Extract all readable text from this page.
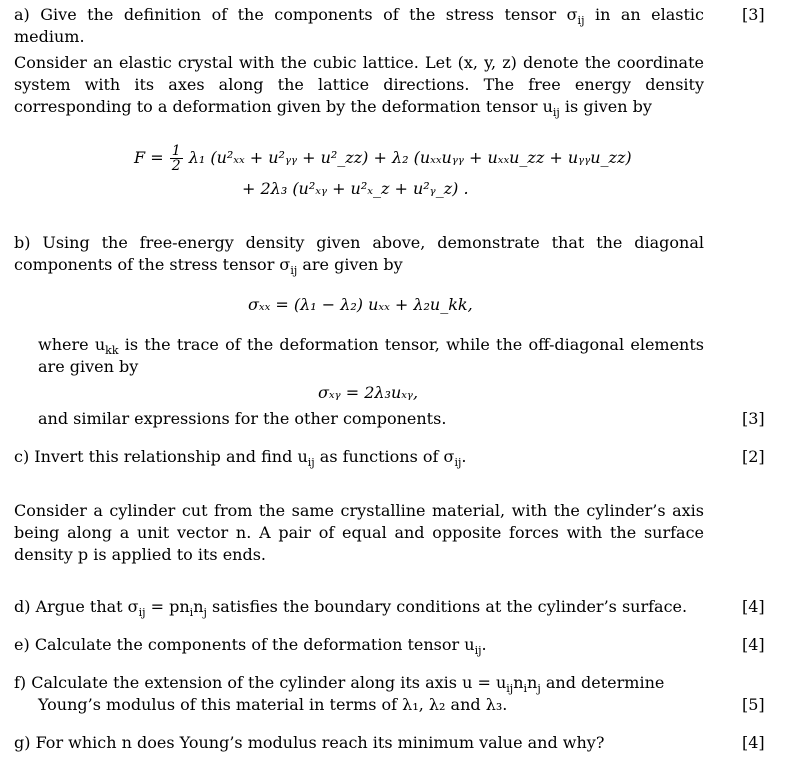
a) Give the definition of the components of the stress tensor $\sigma_{ij}$ in an elastic medium.
[3]
Consider an elastic crystal with the cubic lattice. Let (x, y, z) denote the coordinate system with its axes along the lattice directions. The free energy density corresponding to a deformation given by the deformation tensor $u_{ij}$ is given by
$F = \frac{1}{2} \lambda_1$ (u²ₓₓ + u²ᵧᵧ + u²_zz) + λ₂ (uₓₓuᵧᵧ + uₓₓu_zz + uᵧᵧu_zz)
+ 2λ₃ (u²ₓᵧ + u²ₓ_z + u²ᵧ_z) .
b) Using the free-energy density given above, demonstrate that the diagonal components of the stress tensor $\sigma_{ij}$ are given by
σₓₓ = (λ₁ − λ₂) uₓₓ + λ₂u_kk,
where $u_{kk}$ is the trace of the deformation tensor, while the off-diagonal elements are given by
σₓᵧ = 2λ₃uₓᵧ,
and similar expressions for the other components.	[3]
c) Invert this relationship and find $u_{ij}$ as functions of $\sigma_{ij}$.	[2]
Consider a cylinder cut from the same crystalline material, with the cylinder’s axis being along a unit vector n. A pair of equal and opposite forces with the surface density p is applied to its ends.
d) Argue that $\sigma_{ij} = pn_in_j$ satisfies the boundary conditions at the cylinder’s surface.	[4]
e) Calculate the components of the deformation tensor $u_{ij}$.	[4]
f) Calculate the extension of the cylinder along its axis $u = u_{ij}n_in_j$ and determine
Young’s modulus of this material in terms of λ₁, λ₂ and λ₃.	[5]
g) For which n does Young’s modulus reach its minimum value and why?	[4]
